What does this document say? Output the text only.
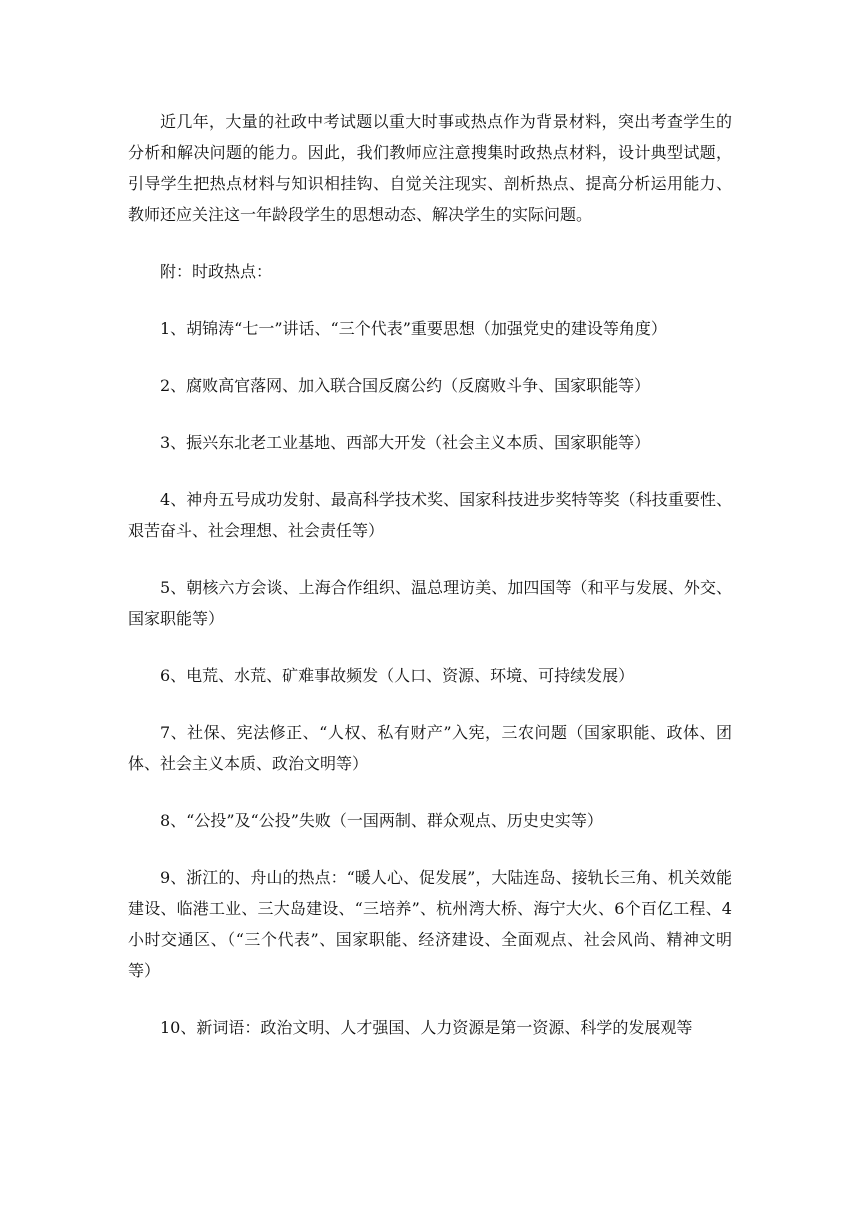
近几年，大量的社政中考试题以重大时事或热点作为背景材料，突出考查学生的分析和解决问题的能力。因此，我们教师应注意搜集时政热点材料，设计典型试题，引导学生把热点材料与知识相挂钩、自觉关注现实、剖析热点、提高分析运用能力、教师还应关注这一年龄段学生的思想动态、解决学生的实际问题。

附：时政热点：

1、胡锦涛“七一”讲话、“三个代表”重要思想（加强党史的建设等角度）

2、腐败高官落网、加入联合国反腐公约（反腐败斗争、国家职能等）

3、振兴东北老工业基地、西部大开发（社会主义本质、国家职能等）

4、神舟五号成功发射、最高科学技术奖、国家科技进步奖特等奖（科技重要性、艰苦奋斗、社会理想、社会责任等）

5、朝核六方会谈、上海合作组织、温总理访美、加四国等（和平与发展、外交、国家职能等）

6、电荒、水荒、矿难事故频发（人口、资源、环境、可持续发展）

7、社保、宪法修正、“人权、私有财产”入宪，三农问题（国家职能、政体、团体、社会主义本质、政治文明等）

8、“公投”及“公投”失败（一国两制、群众观点、历史史实等）

9、浙江的、舟山的热点：“暖人心、促发展”，大陆连岛、接轨长三角、机关效能建设、临港工业、三大岛建设、“三培养”、杭州湾大桥、海宁大火、6个百亿工程、4小时交通区、（“三个代表”、国家职能、经济建设、全面观点、社会风尚、精神文明等）

10、新词语：政治文明、人才强国、人力资源是第一资源、科学的发展观等
